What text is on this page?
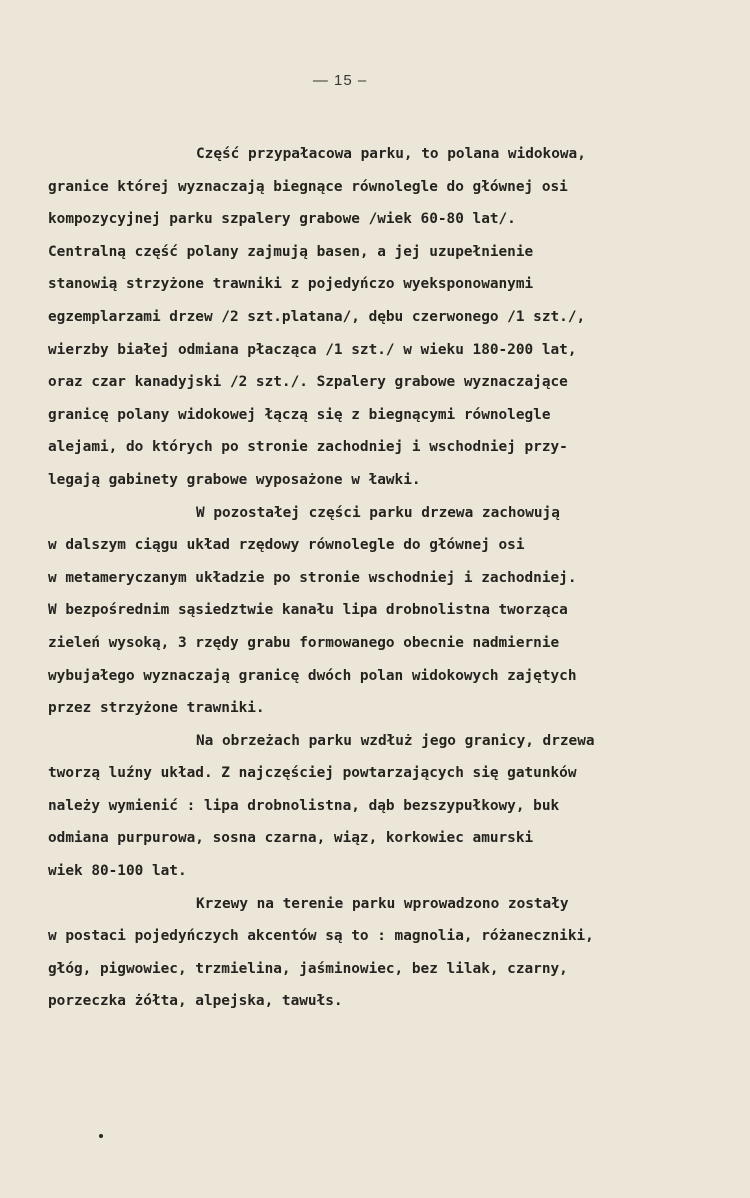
— 15 –
Część przypałacowa parku, to polana widokowa,
granice której wyznaczają biegnące równolegle do głównej osi
kompozycyjnej parku szpalery grabowe /wiek 60-80 lat/.
Centralną część polany zajmują basen, a jej uzupełnienie
stanowią strzyżone trawniki z pojedyńczo wyeksponowanymi
egzemplarzami drzew /2 szt.platana/, dębu czerwonego /1 szt./,
wierzby białej odmiana płacząca /1 szt./ w wieku 180-200 lat,
oraz czar kanadyjski /2 szt./. Szpalery grabowe wyznaczające
granicę polany widokowej łączą się z biegnącymi równolegle
alejami, do których po stronie zachodniej i wschodniej przy-
legają gabinety grabowe wyposażone w ławki.
W pozostałej części parku drzewa zachowują
w dalszym ciągu układ rzędowy równolegle do głównej osi
w metameryczanym układzie po stronie wschodniej i zachodniej.
W bezpośrednim sąsiedztwie kanału lipa drobnolistna tworząca
zieleń wysoką, 3 rzędy grabu formowanego obecnie nadmiernie
wybujałego wyznaczają granicę dwóch polan widokowych zajętych
przez strzyżone trawniki.
Na obrzeżach parku wzdłuż jego granicy, drzewa
tworzą luźny układ. Z najczęściej powtarzających się gatunków
należy wymienić : lipa drobnolistna, dąb bezszypułkowy, buk
odmiana purpurowa, sosna czarna, wiąz, korkowiec amurski
wiek 80-100 lat.
Krzewy na terenie parku wprowadzono zostały
w postaci pojedyńczych akcentów są to : magnolia, różaneczniki,
głóg, pigwowiec, trzmielina, jaśminowiec, bez lilak, czarny,
porzeczka żółta, alpejska, tawułs.
